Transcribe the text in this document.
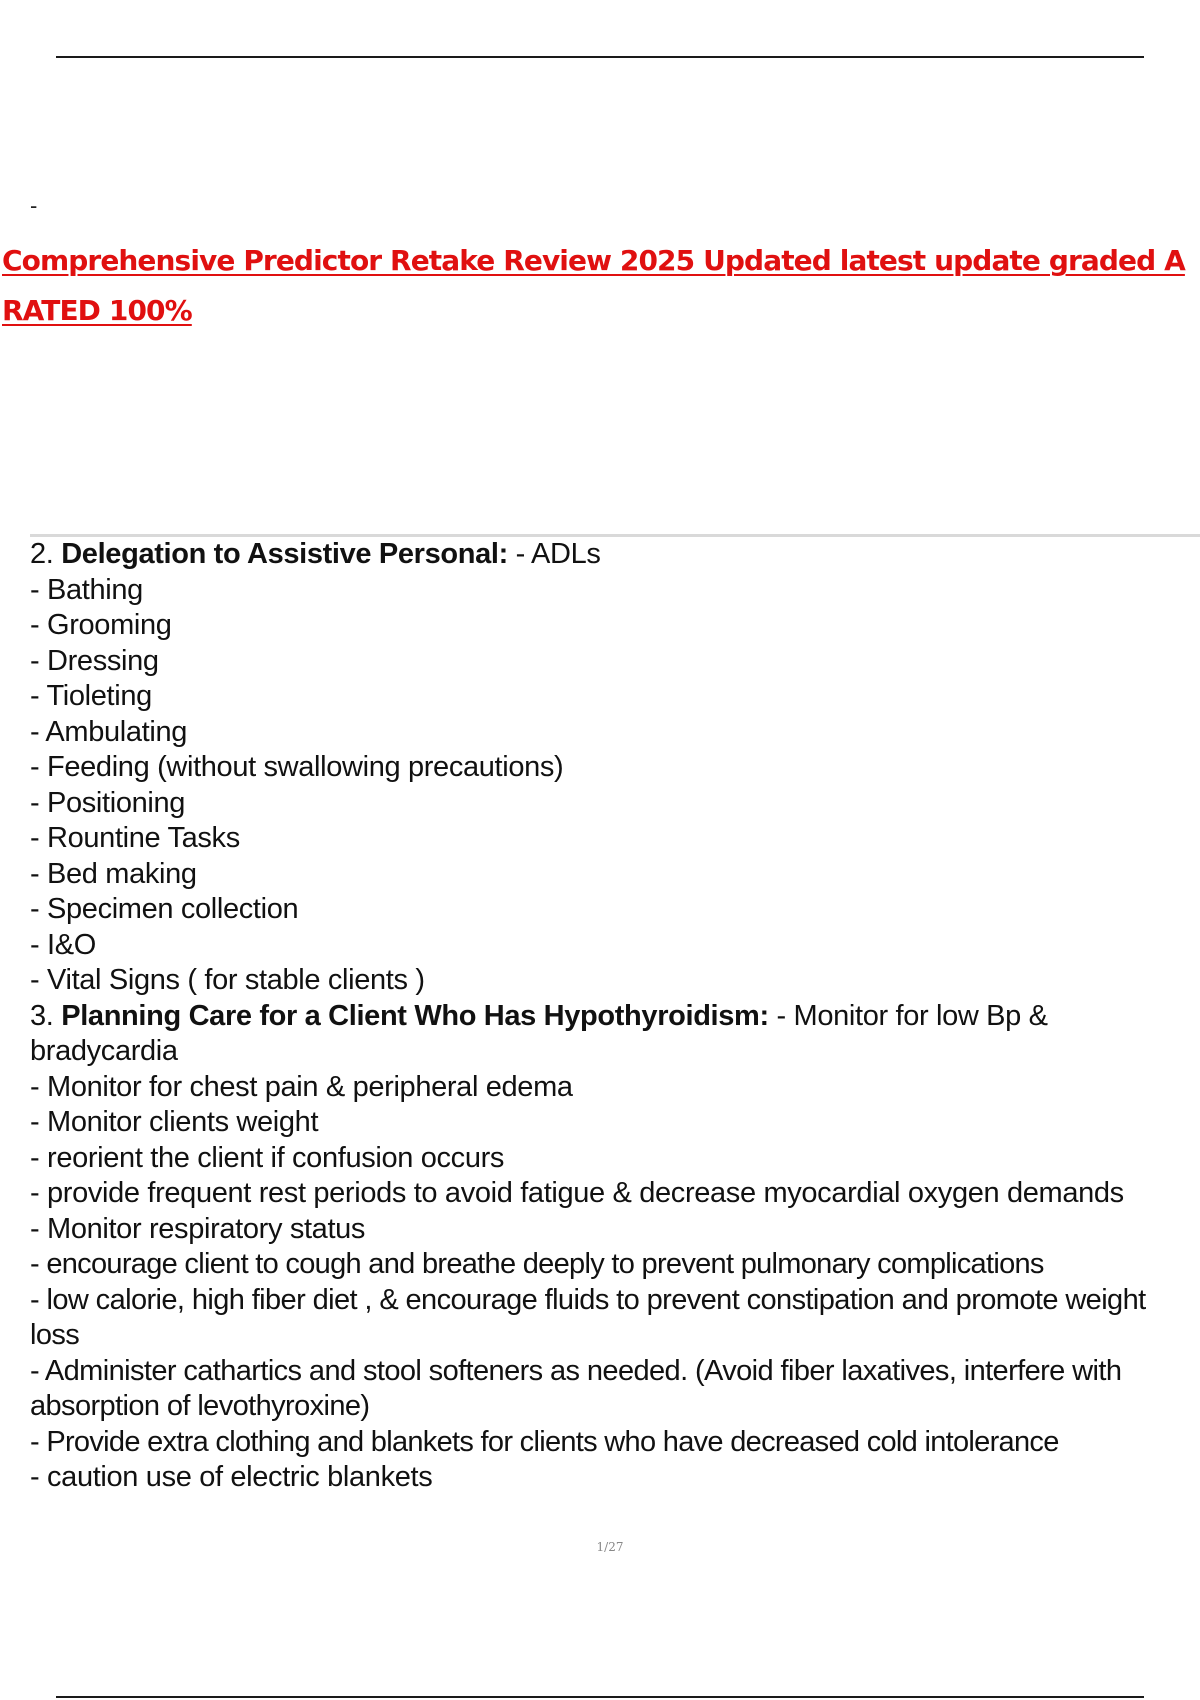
-
Comprehensive Predictor Retake Review 2025 Updated latest update graded A RATED 100%
2. Delegation to Assistive Personal: - ADLs
- Bathing
- Grooming
- Dressing
- Tioleting
- Ambulating
- Feeding (without swallowing precautions)
- Positioning
- Rountine Tasks
- Bed making
- Specimen collection
- I&O
- Vital Signs ( for stable clients )
3. Planning Care for a Client Who Has Hypothyroidism: - Monitor for low Bp & bradycardia
- Monitor for chest pain & peripheral edema
- Monitor clients weight
- reorient the client if confusion occurs
- provide frequent rest periods to avoid fatigue & decrease myocardial oxygen demands
- Monitor respiratory status
- encourage client to cough and breathe deeply to prevent pulmonary complications
- low calorie, high fiber diet , & encourage fluids to prevent constipation and promote weight loss
- Administer cathartics and stool softeners as needed. (Avoid fiber laxatives, interfere with absorption of levothyroxine)
- Provide extra clothing and blankets for clients who have decreased cold intolerance
- caution use of electric blankets
1/27
